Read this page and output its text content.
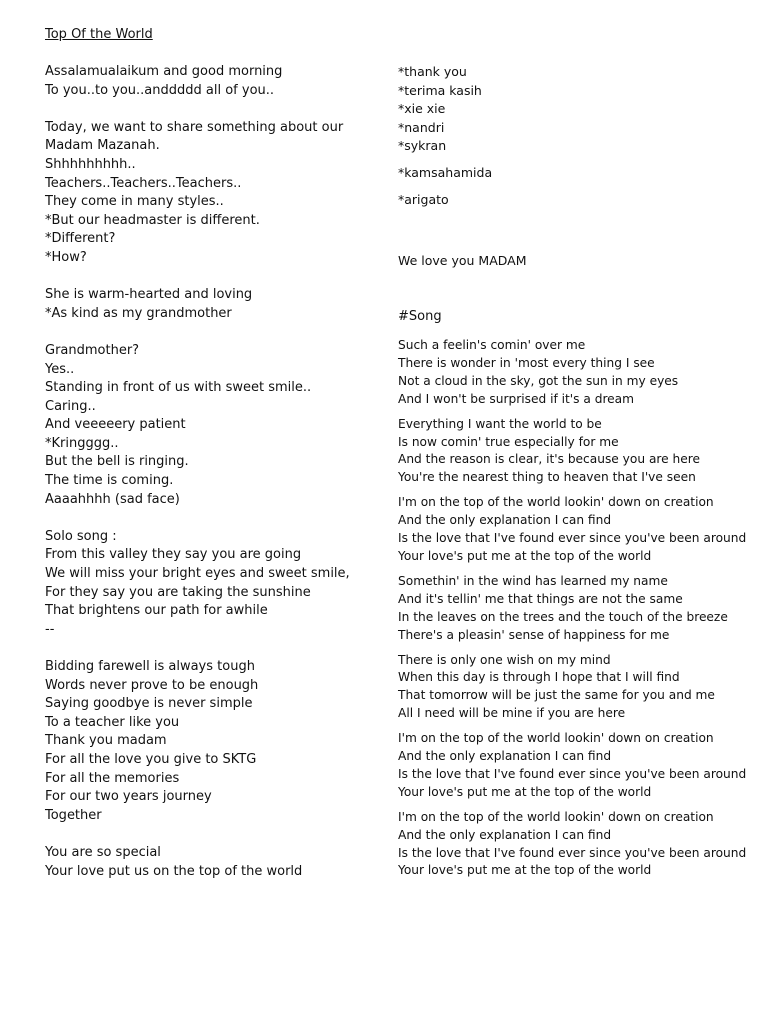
Top Of the World
Assalamualaikum and good morning
To you..to you..anddddd all of you..
Today, we want to share something about our
Madam Mazanah.
Shhhhhhhhh..
Teachers..Teachers..Teachers..
They come in many styles..
*But our headmaster is different.
*Different?
*How?
She is warm-hearted and loving
*As kind as my grandmother
Grandmother?
Yes..
Standing in front of us with sweet smile..
Caring..
And veeeeery patient
*Kringggg..
But the bell is ringing.
The time is coming.
Aaaahhhh (sad face)
Solo song :
From this valley they say you are going
We will miss your bright eyes and sweet smile,
For they say you are taking the sunshine
That brightens our path for awhile
--
Bidding farewell is always tough
Words never prove to be enough
Saying goodbye is never simple
To a teacher like you
Thank you madam
For all the love you give to SKTG
For all the memories
For our two years journey
Together
You are so special
Your love put us on the top of the world
*thank you
*terima kasih
*xie xie
*nandri
*sykran
*kamsahamida
*arigato
We love you MADAM
#Song
Such a feelin's comin' over me
There is wonder in 'most every thing I see
Not a cloud in the sky, got the sun in my eyes
And I won't be surprised if it's a dream
Everything I want the world to be
Is now comin' true especially for me
And the reason is clear, it's because you are here
You're the nearest thing to heaven that I've seen
I'm on the top of the world lookin' down on creation
And the only explanation I can find
Is the love that I've found ever since you've been around
Your love's put me at the top of the world
Somethin' in the wind has learned my name
And it's tellin' me that things are not the same
In the leaves on the trees and the touch of the breeze
There's a pleasin' sense of happiness for me
There is only one wish on my mind
When this day is through I hope that I will find
That tomorrow will be just the same for you and me
All I need will be mine if you are here
I'm on the top of the world lookin' down on creation
And the only explanation I can find
Is the love that I've found ever since you've been around
Your love's put me at the top of the world
I'm on the top of the world lookin' down on creation
And the only explanation I can find
Is the love that I've found ever since you've been around
Your love's put me at the top of the world
